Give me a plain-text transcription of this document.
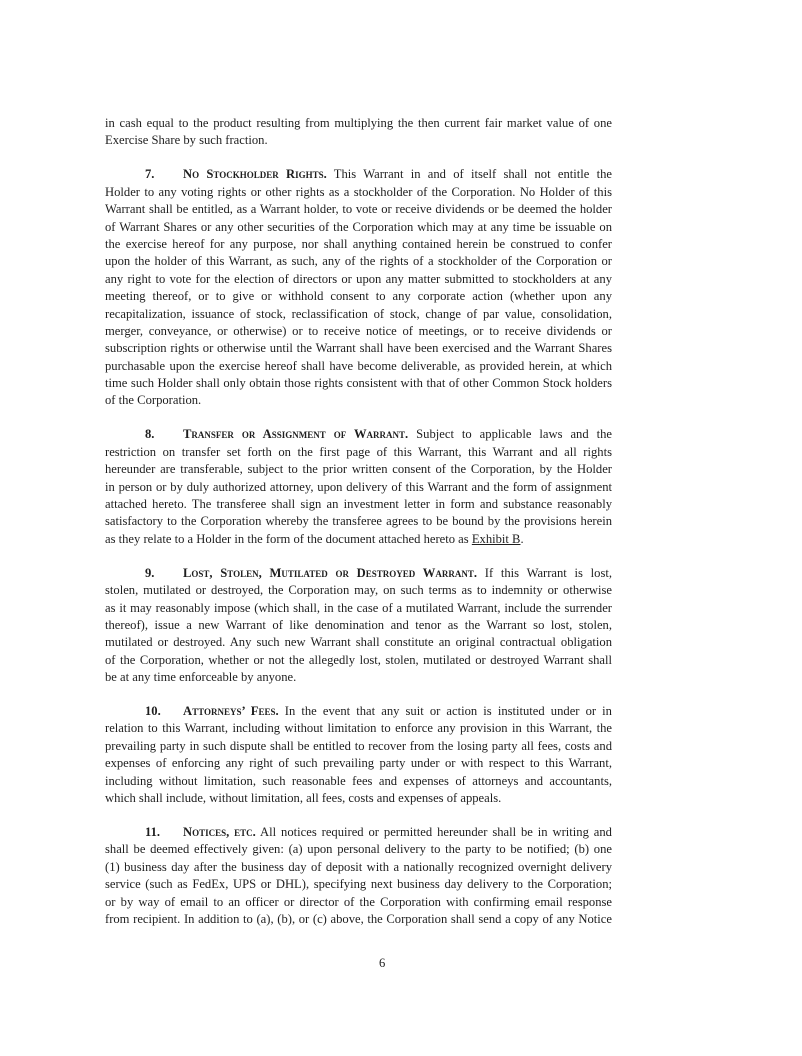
in cash equal to the product resulting from multiplying the then current fair market value of one
Exercise Share by such fraction.
7. No Stockholder Rights. This Warrant in and of itself shall not entitle the
Holder to any voting rights or other rights as a stockholder of the Corporation. No Holder of this
Warrant shall be entitled, as a Warrant holder, to vote or receive dividends or be deemed the holder
of Warrant Shares or any other securities of the Corporation which may at any time be issuable on
the exercise hereof for any purpose, nor shall anything contained herein be construed to confer
upon the holder of this Warrant, as such, any of the rights of a stockholder of the Corporation or
any right to vote for the election of directors or upon any matter submitted to stockholders at any
meeting thereof, or to give or withhold consent to any corporate action (whether upon any
recapitalization, issuance of stock, reclassification of stock, change of par value, consolidation,
merger, conveyance, or otherwise) or to receive notice of meetings, or to receive dividends or
subscription rights or otherwise until the Warrant shall have been exercised and the Warrant Shares
purchasable upon the exercise hereof shall have become deliverable, as provided herein, at which
time such Holder shall only obtain those rights consistent with that of other Common Stock holders
of the Corporation.
8. Transfer or Assignment of Warrant. Subject to applicable laws and the
restriction on transfer set forth on the first page of this Warrant, this Warrant and all rights
hereunder are transferable, subject to the prior written consent of the Corporation, by the Holder
in person or by duly authorized attorney, upon delivery of this Warrant and the form of assignment
attached hereto. The transferee shall sign an investment letter in form and substance reasonably
satisfactory to the Corporation whereby the transferee agrees to be bound by the provisions herein
as they relate to a Holder in the form of the document attached hereto as Exhibit B.
9. Lost, Stolen, Mutilated or Destroyed Warrant. If this Warrant is lost,
stolen, mutilated or destroyed, the Corporation may, on such terms as to indemnity or otherwise
as it may reasonably impose (which shall, in the case of a mutilated Warrant, include the surrender
thereof), issue a new Warrant of like denomination and tenor as the Warrant so lost, stolen,
mutilated or destroyed. Any such new Warrant shall constitute an original contractual obligation
of the Corporation, whether or not the allegedly lost, stolen, mutilated or destroyed Warrant shall
be at any time enforceable by anyone.
10. Attorneys’ Fees. In the event that any suit or action is instituted under or in
relation to this Warrant, including without limitation to enforce any provision in this Warrant, the
prevailing party in such dispute shall be entitled to recover from the losing party all fees, costs and
expenses of enforcing any right of such prevailing party under or with respect to this Warrant,
including without limitation, such reasonable fees and expenses of attorneys and accountants,
which shall include, without limitation, all fees, costs and expenses of appeals.
11. Notices, etc. All notices required or permitted hereunder shall be in writing and
shall be deemed effectively given: (a) upon personal delivery to the party to be notified; (b) one
(1) business day after the business day of deposit with a nationally recognized overnight delivery
service (such as FedEx, UPS or DHL), specifying next business day delivery to the Corporation;
or by way of email to an officer or director of the Corporation with confirming email response
from recipient. In addition to (a), (b), or (c) above, the Corporation shall send a copy of any Notice
6
